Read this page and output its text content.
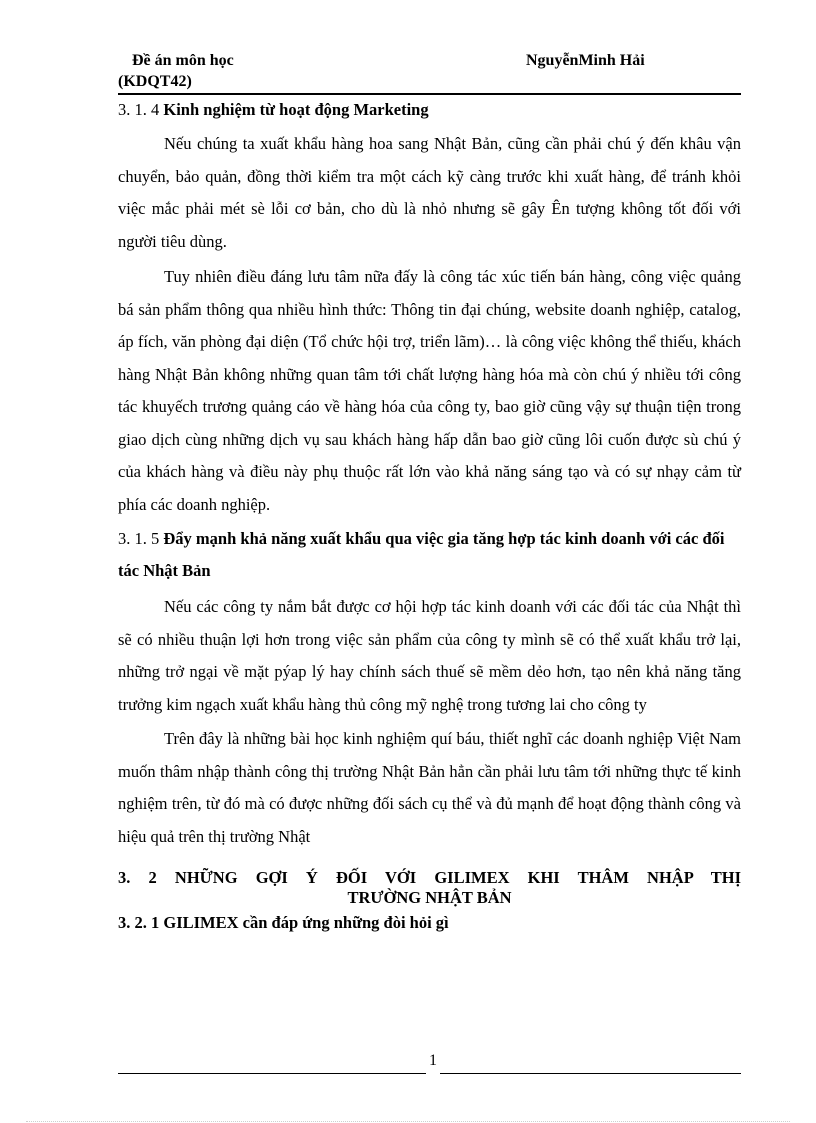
Đề án môn học
(KDQT42)
NguyễnMinh Hải

3. 1. 4 Kinh nghiệm từ hoạt động Marketing

Nếu chúng ta xuất khẩu hàng hoa sang Nhật Bản, cũng cần phải chú ý đến khâu vận chuyển, bảo quản, đồng thời kiểm tra một cách kỹ càng trước khi xuất hàng, để tránh khỏi việc mắc phải mét sè lỗi cơ bản, cho dù là nhỏ nhưng sẽ gây Ên tượng không tốt đối với người tiêu dùng.

Tuy nhiên điều đáng lưu tâm nữa đấy là công tác xúc tiến bán hàng, công việc quảng bá sản phẩm thông qua nhiều hình thức: Thông tin đại chúng, website doanh nghiệp, catalog, áp fích, văn phòng đại diện (Tổ chức hội trợ, triển lãm)… là công việc không thể thiếu, khách hàng Nhật Bản không những quan tâm tới chất lượng hàng hóa mà còn chú ý nhiều tới công tác khuyếch trương quảng cáo về hàng hóa của công ty, bao giờ cũng vậy sự thuận tiện trong giao dịch cùng những dịch vụ sau khách hàng hấp dẫn bao giờ cũng lôi cuốn được sù chú ý của khách hàng và điều này phụ thuộc rất lớn vào khả năng sáng tạo và có sự nhạy cảm từ phía các doanh nghiệp.

3. 1. 5 Đẩy mạnh khả năng xuất khẩu qua việc gia tăng hợp tác kinh doanh với các đối tác Nhật Bản

Nếu các công ty nắm bắt được cơ hội hợp tác kinh doanh với các đối tác của Nhật thì sẽ có nhiều thuận lợi hơn trong việc sản phẩm của công ty mình sẽ có thể xuất khẩu trở lại, những trở ngại về mặt pýap lý hay chính sách thuế sẽ mềm dẻo hơn, tạo nên khả năng tăng trưởng kim ngạch xuất khẩu hàng thủ công mỹ nghệ trong tương lai cho công ty

Trên đây là những bài học kinh nghiệm quí báu, thiết nghĩ các doanh nghiệp Việt Nam muốn thâm nhập thành công thị trường Nhật Bản hẳn cần phải lưu tâm tới những thực tế kinh nghiệm trên, từ đó mà có được những đối sách cụ thể và đủ mạnh để hoạt động thành công và hiệu quả trên thị trường Nhật

3. 2 NHỮNG GỢI Ý ĐỐI VỚI GILIMEX KHI THÂM NHẬP THỊ
TRƯỜNG NHẬT BẢN

3. 2. 1 GILIMEX cần đáp ứng những đòi hỏi gì

1
